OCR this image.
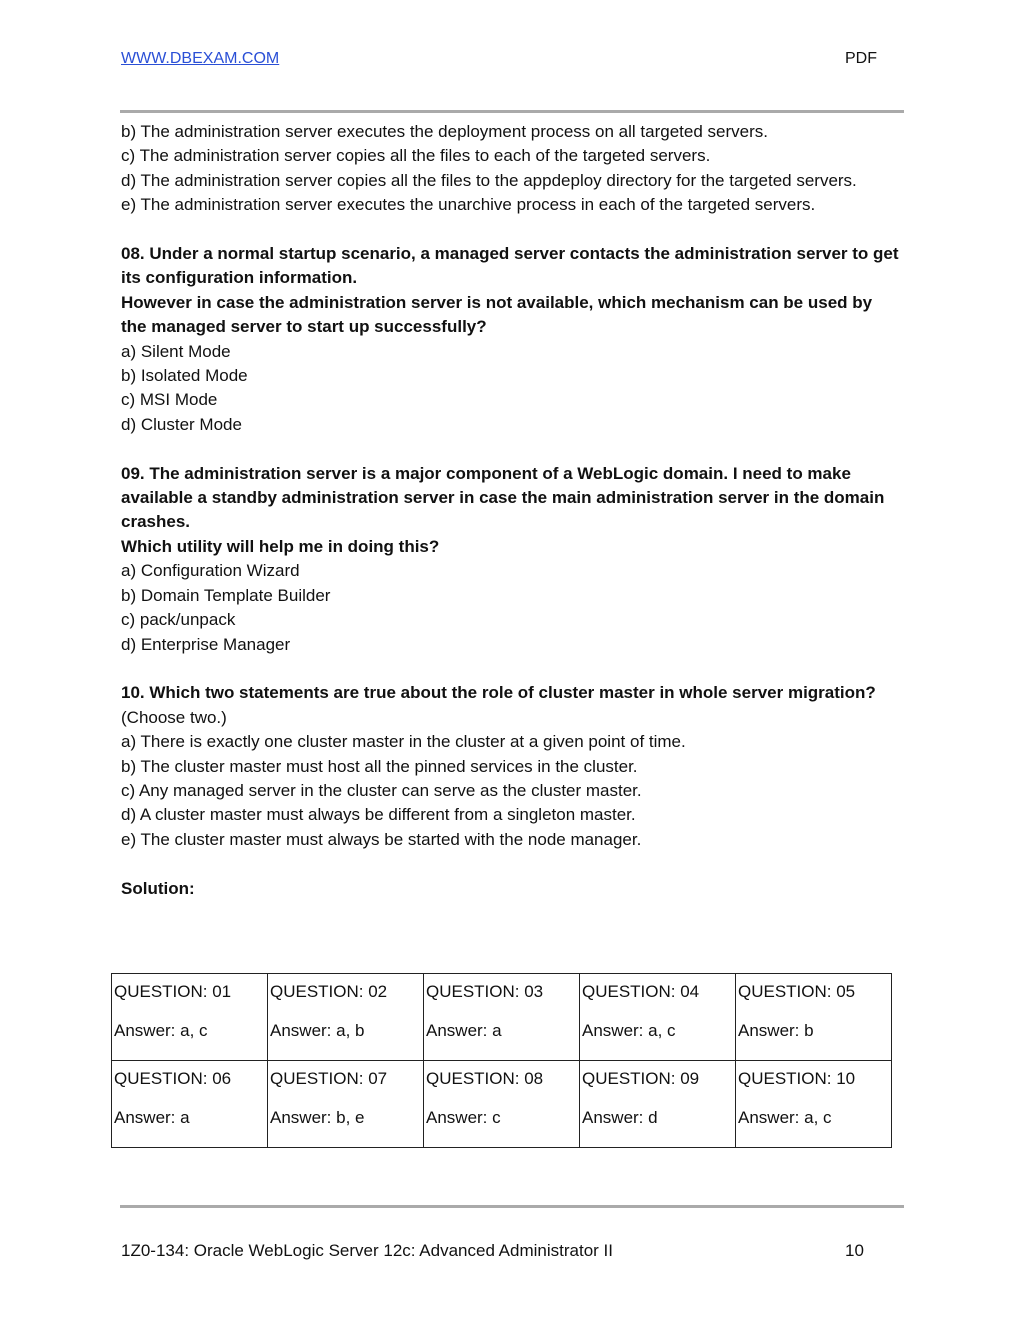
WWW.DBEXAM.COM	PDF

b) The administration server executes the deployment process on all targeted servers.

c) The administration server copies all the files to each of the targeted servers.

d) The administration server copies all the files to the appdeploy directory for the targeted servers.

e) The administration server executes the unarchive process in each of the targeted servers.

08. Under a normal startup scenario, a managed server contacts the administration server to get its configuration information.

However in case the administration server is not available, which mechanism can be used by the managed server to start up successfully?

a) Silent Mode

b) Isolated Mode

c) MSI Mode

d) Cluster Mode

09. The administration server is a major component of a WebLogic domain. I need to make available a standby administration server in case the main administration server in the domain crashes.

Which utility will help me in doing this?

a) Configuration Wizard

b) Domain Template Builder

c) pack/unpack

d) Enterprise Manager

10. Which two statements are true about the role of cluster master in whole server migration?

(Choose two.)

a) There is exactly one cluster master in the cluster at a given point of time.

b) The cluster master must host all the pinned services in the cluster.

c) Any managed server in the cluster can serve as the cluster master.

d) A cluster master must always be different from a singleton master.

e) The cluster master must always be started with the node manager.

Solution:

QUESTION: 01
Answer: a, c	QUESTION: 02
Answer: a, b	QUESTION: 03
Answer: a	QUESTION: 04
Answer: a, c	QUESTION: 05
Answer: b

QUESTION: 06
Answer: a	QUESTION: 07
Answer: b, e	QUESTION: 08
Answer: c	QUESTION: 09
Answer: d	QUESTION: 10
Answer: a, c
1Z0-134: Oracle WebLogic Server 12c: Advanced Administrator II	10
